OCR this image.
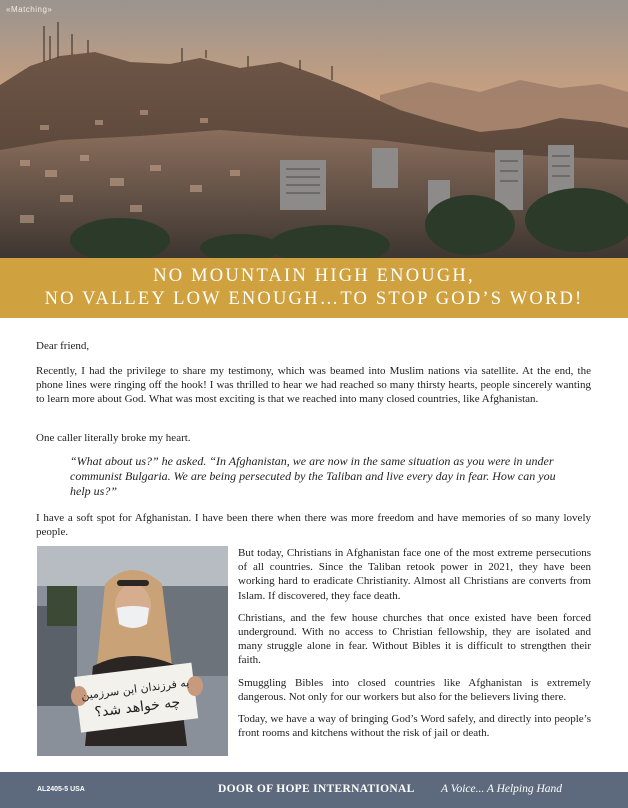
«Matching»
NO MOUNTAIN HIGH ENOUGH,
NO VALLEY LOW ENOUGH…TO STOP GOD’S WORD!

Dear friend,

Recently, I had the privilege to share my testimony, which was beamed into Muslim nations via satellite. At the end, the phone lines were ringing off the hook! I was thrilled to hear we had reached so many thirsty hearts, people sincerely wanting to learn more about God. What was most exciting is that we reached into many closed countries, like Afghanistan.

One caller literally broke my heart.

“What about us?” he asked. “In Afghanistan, we are now in the same situation as you were in under communist Bulgaria. We are being persecuted by the Taliban and live every day in fear. How can you help us?”

I have a soft spot for Afghanistan. I have been there when there was more freedom and have memories of so many lovely people.

به فرزندان این سرزمین
چه خواهد شد؟

But today, Christians in Afghanistan face one of the most extreme persecutions of all countries. Since the Taliban retook power in 2021, they have been working hard to eradicate Christianity. Almost all Christians are converts from Islam. If discovered, they face death.

Christians, and the few house churches that once existed have been forced underground. With no access to Christian fellowship, they are isolated and many struggle alone in fear. Without Bibles it is difficult to strengthen their faith.

Smuggling Bibles into closed countries like Afghanistan is extremely dangerous. Not only for our workers but also for the believers living there.

Today, we have a way of bringing God’s Word safely, and directly into people’s front rooms and kitchens without the risk of jail or death.

AL2405-5 USA	DOOR OF HOPE INTERNATIONAL A Voice... A Helping Hand
